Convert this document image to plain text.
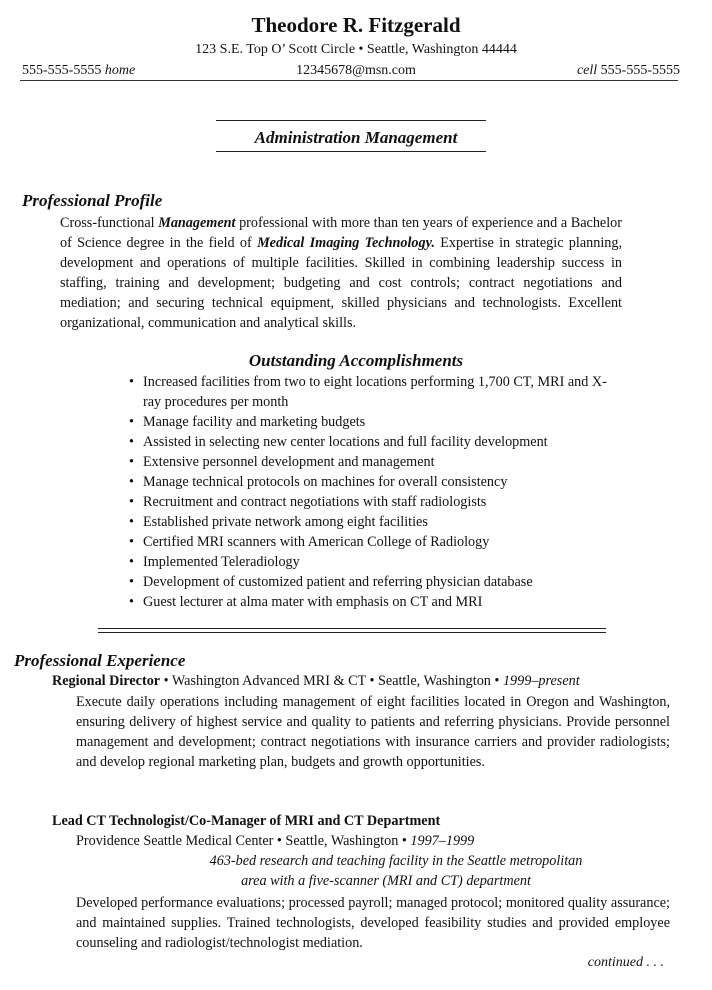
Theodore R. Fitzgerald
123 S.E. Top O’ Scott Circle • Seattle, Washington 44444
555-555-5555 home	12345678@msn.com	cell 555-555-5555
Administration Management
Professional Profile
Cross-functional Management professional with more than ten years of experience and a Bachelor of Science degree in the field of Medical Imaging Technology. Expertise in strategic planning, development and operations of multiple facilities. Skilled in combining leadership success in staffing, training and development; budgeting and cost controls; contract negotiations and mediation; and securing technical equipment, skilled physicians and technologists. Excellent organizational, communication and analytical skills.
Outstanding Accomplishments
• Increased facilities from two to eight locations performing 1,700 CT, MRI and X-ray procedures per month
• Manage facility and marketing budgets
• Assisted in selecting new center locations and full facility development
• Extensive personnel development and management
• Manage technical protocols on machines for overall consistency
• Recruitment and contract negotiations with staff radiologists
• Established private network among eight facilities
• Certified MRI scanners with American College of Radiology
• Implemented Teleradiology
• Development of customized patient and referring physician database
• Guest lecturer at alma mater with emphasis on CT and MRI
Professional Experience
Regional Director • Washington Advanced MRI & CT • Seattle, Washington • 1999–present
Execute daily operations including management of eight facilities located in Oregon and Washington, ensuring delivery of highest service and quality to patients and referring physicians. Provide personnel management and development; contract negotiations with insurance carriers and provider radiologists; and develop regional marketing plan, budgets and growth opportunities.
Lead CT Technologist/Co-Manager of MRI and CT Department
Providence Seattle Medical Center • Seattle, Washington • 1997–1999
463-bed research and teaching facility in the Seattle metropolitan
area with a five-scanner (MRI and CT) department
Developed performance evaluations; processed payroll; managed protocol; monitored quality assurance; and maintained supplies. Trained technologists, developed feasibility studies and provided employee counseling and radiologist/technologist mediation.
continued . . .
